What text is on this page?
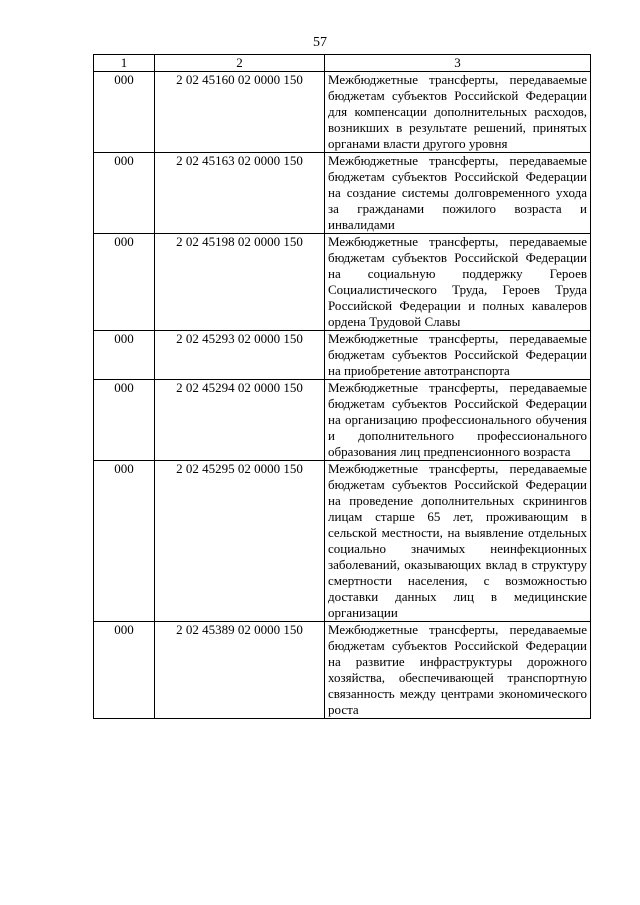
57
1	2	3
000	2 02 45160 02 0000 150	Межбюджетные трансферты, передаваемые бюджетам субъектов Российской Федерации для компенсации дополнительных расходов, возникших в результате решений, принятых органами власти другого уровня
000	2 02 45163 02 0000 150	Межбюджетные трансферты, передаваемые бюджетам субъектов Российской Федерации на создание системы долговременного ухода за гражданами пожилого возраста и инвалидами
000	2 02 45198 02 0000 150	Межбюджетные трансферты, передаваемые бюджетам субъектов Российской Федерации на социальную поддержку Героев Социалистического Труда, Героев Труда Российской Федерации и полных кавалеров ордена Трудовой Славы
000	2 02 45293 02 0000 150	Межбюджетные трансферты, передаваемые бюджетам субъектов Российской Федерации на приобретение автотранспорта
000	2 02 45294 02 0000 150	Межбюджетные трансферты, передаваемые бюджетам субъектов Российской Федерации на организацию профессионального обучения и дополнительного профессионального образования лиц предпенсионного возраста
000	2 02 45295 02 0000 150	Межбюджетные трансферты, передаваемые бюджетам субъектов Российской Федерации на проведение дополнительных скринингов лицам старше 65 лет, проживающим в сельской местности, на выявление отдельных социально значимых неинфекционных заболеваний, оказывающих вклад в структуру смертности населения, с возможностью доставки данных лиц в медицинские организации
000	2 02 45389 02 0000 150	Межбюджетные трансферты, передаваемые бюджетам субъектов Российской Федерации на развитие инфраструктуры дорожного хозяйства, обеспечивающей транспортную связанность между центрами экономического роста
